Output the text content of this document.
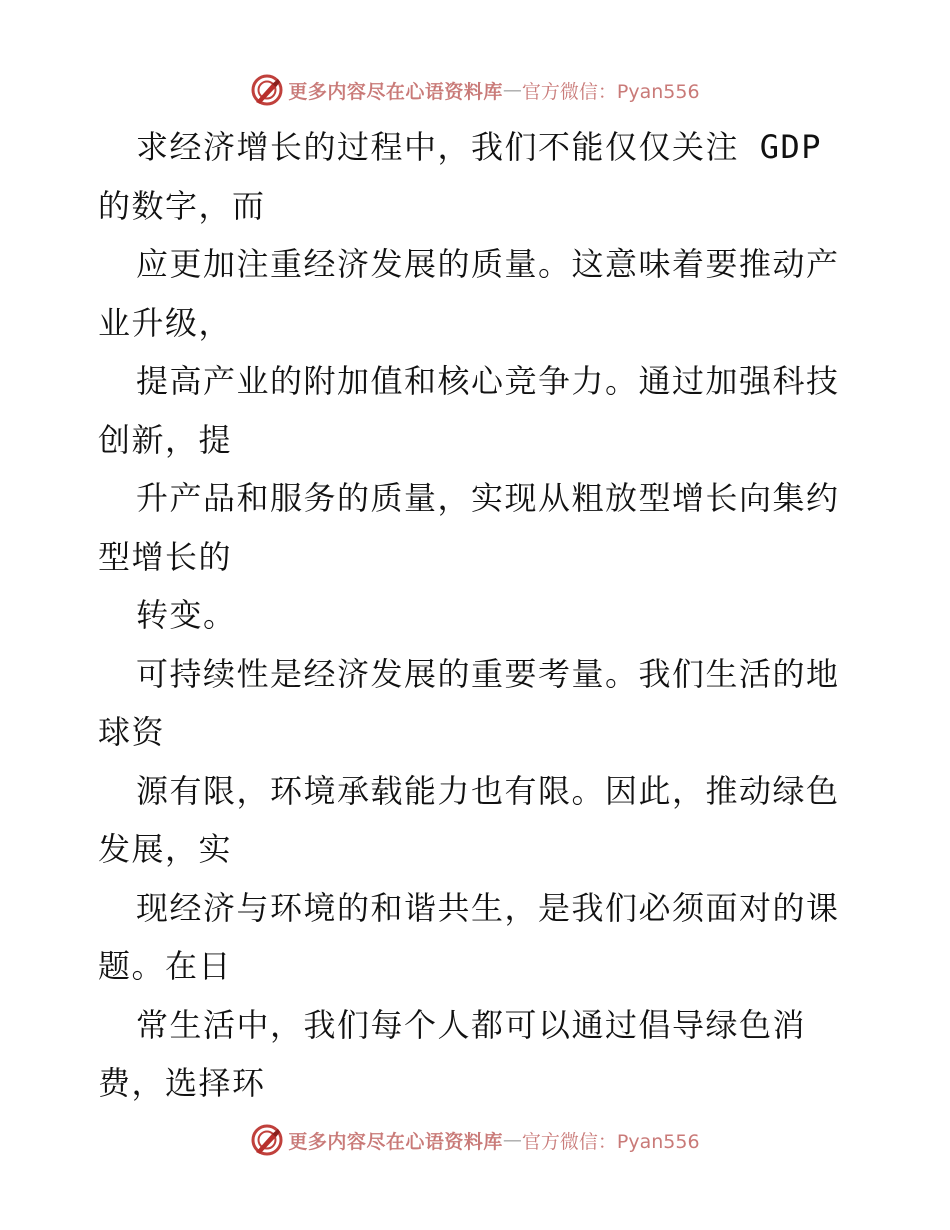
更多内容尽在心语资料库 — 官方微信：Pyan556
求经济增长的过程中，我们不能仅仅关注 GDP
的数字，而
应更加注重经济发展的质量。这意味着要推动产
业升级，
提高产业的附加值和核心竞争力。通过加强科技
创新，提
升产品和服务的质量，实现从粗放型增长向集约
型增长的
转变。
可持续性是经济发展的重要考量。我们生活的地
球资
源有限，环境承载能力也有限。因此，推动绿色
发展，实
现经济与环境的和谐共生，是我们必须面对的课
题。在日
常生活中，我们每个人都可以通过倡导绿色消
费，选择环
更多内容尽在心语资料库 — 官方微信：Pyan556
